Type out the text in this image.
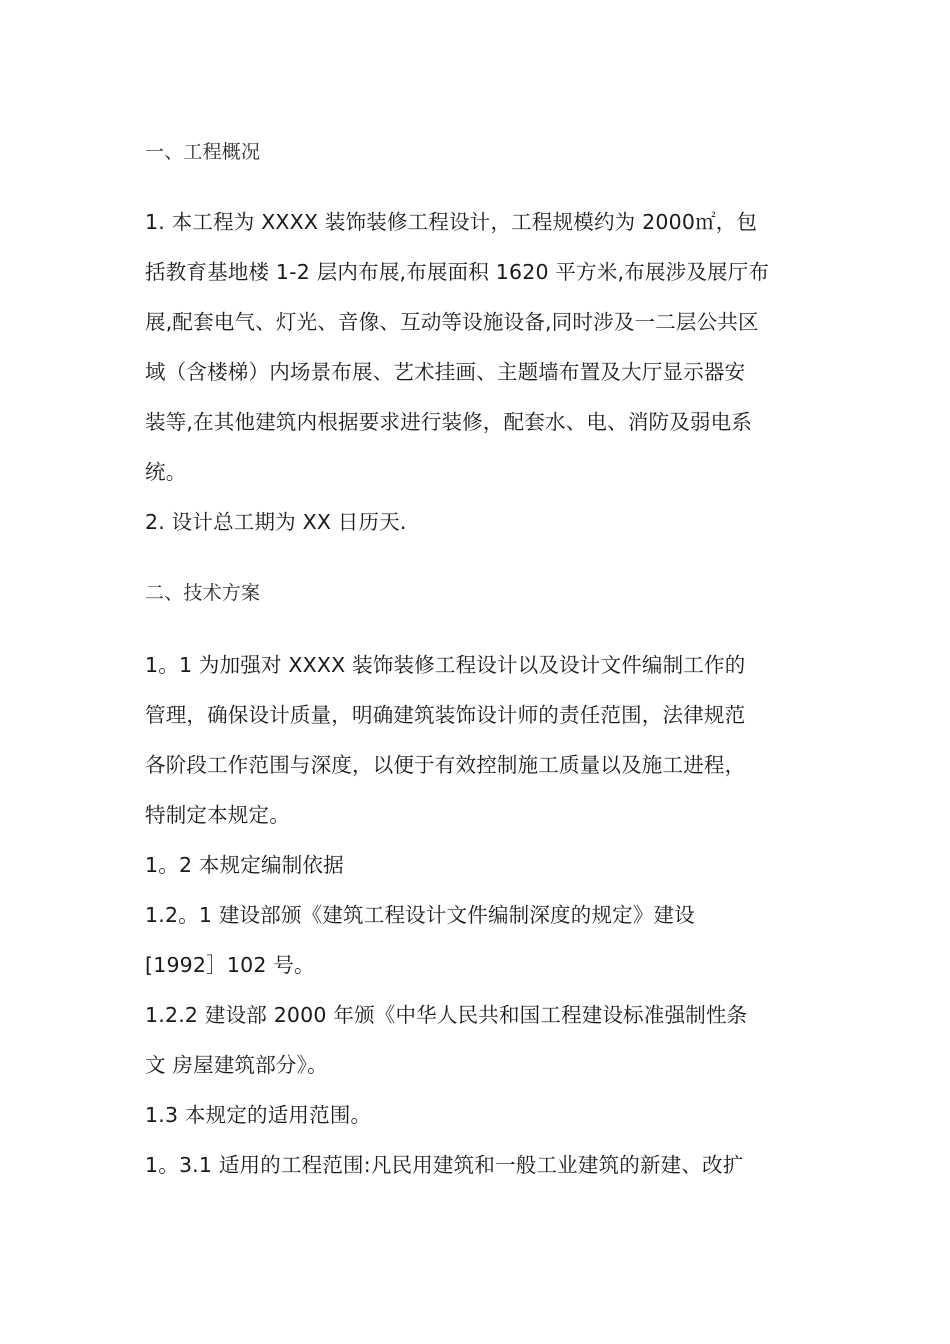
一、工程概况
1. 本工程为 XXXX 装饰装修工程设计，工程规模约为 2000㎡，包
括教育基地楼 1-2 层内布展,布展面积 1620 平方米,布展涉及展厅布
展,配套电气、灯光、音像、互动等设施设备,同时涉及一二层公共区
域（含楼梯）内场景布展、艺术挂画、主题墙布置及大厅显示器安
装等,在其他建筑内根据要求进行装修，配套水、电、消防及弱电系
统。
2. 设计总工期为 XX 日历天.
二、技术方案
1。1 为加强对 XXXX 装饰装修工程设计以及设计文件编制工作的
管理，确保设计质量，明确建筑装饰设计师的责任范围，法律规范
各阶段工作范围与深度，以便于有效控制施工质量以及施工进程，
特制定本规定。
1。2 本规定编制依据
1.2。1 建设部颁《建筑工程设计文件编制深度的规定》建设
[1992］102 号。
1.2.2 建设部 2000 年颁《中华人民共和国工程建设标准强制性条
文 房屋建筑部分》。
1.3 本规定的适用范围。
1。3.1 适用的工程范围:凡民用建筑和一般工业建筑的新建、改扩
